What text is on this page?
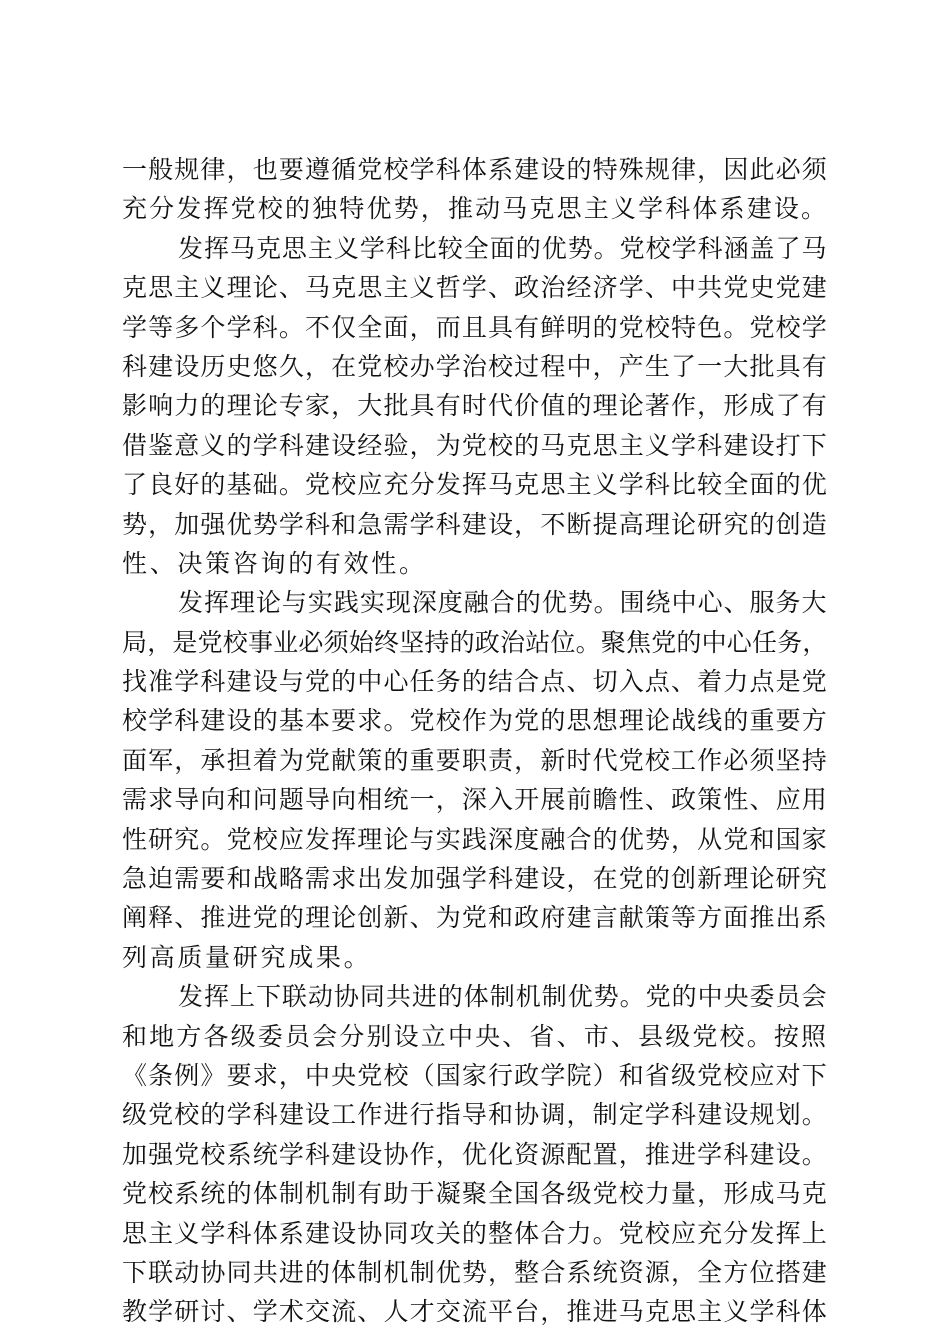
一般规律，也要遵循党校学科体系建设的特殊规律，因此必须
充分发挥党校的独特优势，推动马克思主义学科体系建设。
发挥马克思主义学科比较全面的优势。党校学科涵盖了马
克思主义理论、马克思主义哲学、政治经济学、中共党史党建
学等多个学科。不仅全面，而且具有鲜明的党校特色。党校学
科建设历史悠久，在党校办学治校过程中，产生了一大批具有
影响力的理论专家，大批具有时代价值的理论著作，形成了有
借鉴意义的学科建设经验，为党校的马克思主义学科建设打下
了良好的基础。党校应充分发挥马克思主义学科比较全面的优
势，加强优势学科和急需学科建设，不断提高理论研究的创造
性、决策咨询的有效性。
发挥理论与实践实现深度融合的优势。围绕中心、服务大
局，是党校事业必须始终坚持的政治站位。聚焦党的中心任务，
找准学科建设与党的中心任务的结合点、切入点、着力点是党
校学科建设的基本要求。党校作为党的思想理论战线的重要方
面军，承担着为党献策的重要职责，新时代党校工作必须坚持
需求导向和问题导向相统一，深入开展前瞻性、政策性、应用
性研究。党校应发挥理论与实践深度融合的优势，从党和国家
急迫需要和战略需求出发加强学科建设，在党的创新理论研究
阐释、推进党的理论创新、为党和政府建言献策等方面推出系
列高质量研究成果。
发挥上下联动协同共进的体制机制优势。党的中央委员会
和地方各级委员会分别设立中央、省、市、县级党校。按照
《条例》要求，中央党校（国家行政学院）和省级党校应对下
级党校的学科建设工作进行指导和协调，制定学科建设规划。
加强党校系统学科建设协作，优化资源配置，推进学科建设。
党校系统的体制机制有助于凝聚全国各级党校力量，形成马克
思主义学科体系建设协同攻关的整体合力。党校应充分发挥上
下联动协同共进的体制机制优势，整合系统资源，全方位搭建
教学研讨、学术交流、人才交流平台，推进马克思主义学科体
